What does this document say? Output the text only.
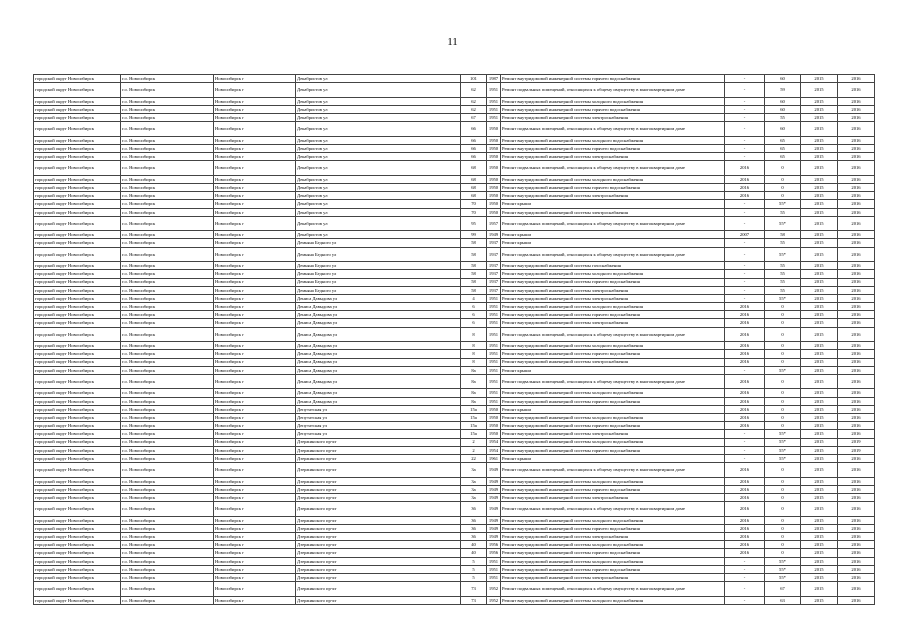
11
городской округ Новосибирск	г.о. Новосибирск	Новосибирск г	Декабристов ул	101	1987	Ремонт внутридомовой инженерной системы горячего водоснабжения	-	60	2015	2016
городской округ Новосибирск	г.о. Новосибирск	Новосибирск г	Декабристов ул	62	1951	Ремонт подвальных помещений, относящихся к общему имуществу в многоквартирном доме	-	59	2015	2016
городской округ Новосибирск	г.о. Новосибирск	Новосибирск г	Декабристов ул	62	1951	Ремонт внутридомовой инженерной системы холодного водоснабжения	-	60	2015	2016
городской округ Новосибирск	г.о. Новосибирск	Новосибирск г	Декабристов ул	62	1951	Ремонт внутридомовой инженерной системы горячего водоснабжения	-	60	2015	2016
городской округ Новосибирск	г.о. Новосибирск	Новосибирск г	Декабристов ул	67	1951	Ремонт внутридомовой инженерной системы электроснабжения	-	55	2015	2016
городской округ Новосибирск	г.о. Новосибирск	Новосибирск г	Декабристов ул	66	1950	Ремонт подвальных помещений, относящихся к общему имуществу в многоквартирном доме	-	60	2015	2016
городской округ Новосибирск	г.о. Новосибирск	Новосибирск г	Декабристов ул	66	1950	Ремонт внутридомовой инженерной системы холодного водоснабжения	-	65	2015	2016
городской округ Новосибирск	г.о. Новосибирск	Новосибирск г	Декабристов ул	66	1950	Ремонт внутридомовой инженерной системы горячего водоснабжения	-	65	2015	2016
городской округ Новосибирск	г.о. Новосибирск	Новосибирск г	Декабристов ул	66	1950	Ремонт внутридомовой инженерной системы электроснабжения	-	65	2015	2016
городской округ Новосибирск	г.о. Новосибирск	Новосибирск г	Декабристов ул	68	1950	Ремонт подвальных помещений, относящихся к общему имуществу в многоквартирном доме	2016	0	2015	2016
городской округ Новосибирск	г.о. Новосибирск	Новосибирск г	Декабристов ул	68	1950	Ремонт внутридомовой инженерной системы холодного водоснабжения	2016	0	2015	2016
городской округ Новосибирск	г.о. Новосибирск	Новосибирск г	Декабристов ул	68	1950	Ремонт внутридомовой инженерной системы горячего водоснабжения	2016	0	2015	2016
городской округ Новосибирск	г.о. Новосибирск	Новосибирск г	Декабристов ул	68	1950	Ремонт внутридомовой инженерной системы электроснабжения	2016	0	2015	2016
городской округ Новосибирск	г.о. Новосибирск	Новосибирск г	Декабристов ул	70	1950	Ремонт крыши	-	55*	2015	2016
городской округ Новосибирск	г.о. Новосибирск	Новосибирск г	Декабристов ул	70	1950	Ремонт внутридомовой инженерной системы электроснабжения	-	55	2015	2016
городской округ Новосибирск	г.о. Новосибирск	Новосибирск г	Декабристов ул	95	1957	Ремонт подвальных помещений, относящихся к общему имуществу в многоквартирном доме	-	55*	2015	2016
городской округ Новосибирск	г.о. Новосибирск	Новосибирск г	Декабристов ул	99	1949	Ремонт крыши	2007	58	2015	2016
городской округ Новосибирск	г.о. Новосибирск	Новосибирск г	Демьяна Бедного ул	58	1937	Ремонт крыши	-	55	2015	2016
городской округ Новосибирск	г.о. Новосибирск	Новосибирск г	Демьяна Бедного ул	58	1937	Ремонт подвальных помещений, относящихся к общему имуществу в многоквартирном доме	-	55*	2015	2016
городской округ Новосибирск	г.о. Новосибирск	Новосибирск г	Демьяна Бедного ул	58	1937	Ремонт внутридомовой инженерной системы газоснабжения	-	55	2015	2016
городской округ Новосибирск	г.о. Новосибирск	Новосибирск г	Демьяна Бедного ул	58	1937	Ремонт внутридомовой инженерной системы холодного водоснабжения	-	55	2015	2016
городской округ Новосибирск	г.о. Новосибирск	Новосибирск г	Демьяна Бедного ул	58	1937	Ремонт внутридомовой инженерной системы горячего водоснабжения	-	55	2015	2016
городской округ Новосибирск	г.о. Новосибирск	Новосибирск г	Демьяна Бедного ул	58	1937	Ремонт внутридомовой инженерной системы электроснабжения	-	55	2015	2016
городской округ Новосибирск	г.о. Новосибирск	Новосибирск г	Дениса Давыдова ул	4	1951	Ремонт внутридомовой инженерной системы электроснабжения	-	55*	2015	2016
городской округ Новосибирск	г.о. Новосибирск	Новосибирск г	Дениса Давыдова ул	6	1951	Ремонт внутридомовой инженерной системы холодного водоснабжения	2016	0	2015	2016
городской округ Новосибирск	г.о. Новосибирск	Новосибирск г	Дениса Давыдова ул	6	1951	Ремонт внутридомовой инженерной системы горячего водоснабжения	2016	0	2015	2016
городской округ Новосибирск	г.о. Новосибирск	Новосибирск г	Дениса Давыдова ул	6	1951	Ремонт внутридомовой инженерной системы электроснабжения	2016	0	2015	2016
городской округ Новосибирск	г.о. Новосибирск	Новосибирск г	Дениса Давыдова ул	8	1951	Ремонт подвальных помещений, относящихся к общему имуществу в многоквартирном доме	2016	0	2015	2016
городской округ Новосибирск	г.о. Новосибирск	Новосибирск г	Дениса Давыдова ул	8	1951	Ремонт внутридомовой инженерной системы холодного водоснабжения	2016	0	2015	2016
городской округ Новосибирск	г.о. Новосибирск	Новосибирск г	Дениса Давыдова ул	8	1951	Ремонт внутридомовой инженерной системы горячего водоснабжения	2016	0	2015	2016
городской округ Новосибирск	г.о. Новосибирск	Новосибирск г	Дениса Давыдова ул	8	1951	Ремонт внутридомовой инженерной системы электроснабжения	2016	0	2015	2016
городской округ Новосибирск	г.о. Новосибирск	Новосибирск г	Дениса Давыдова ул	8а	1951	Ремонт крыши	-	55*	2015	2016
городской округ Новосибирск	г.о. Новосибирск	Новосибирск г	Дениса Давыдова ул	8а	1951	Ремонт подвальных помещений, относящихся к общему имуществу в многоквартирном доме	2016	0	2015	2016
городской округ Новосибирск	г.о. Новосибирск	Новосибирск г	Дениса Давыдова ул	8а	1951	Ремонт внутридомовой инженерной системы холодного водоснабжения	2016	0	2015	2016
городской округ Новосибирск	г.о. Новосибирск	Новосибирск г	Дениса Давыдова ул	8а	1951	Ремонт внутридомовой инженерной системы горячего водоснабжения	2016	0	2015	2016
городской округ Новосибирск	г.о. Новосибирск	Новосибирск г	Депутатская ул	15а	1950	Ремонт крыши	2016	0	2015	2016
городской округ Новосибирск	г.о. Новосибирск	Новосибирск г	Депутатская ул	15а	1950	Ремонт внутридомовой инженерной системы холодного водоснабжения	2016	0	2015	2016
городской округ Новосибирск	г.о. Новосибирск	Новосибирск г	Депутатская ул	15а	1950	Ремонт внутридомовой инженерной системы горячего водоснабжения	2016	0	2015	2016
городской округ Новосибирск	г.о. Новосибирск	Новосибирск г	Депутатская ул	15а	1950	Ремонт внутридомовой инженерной системы электроснабжения	-	55*	2015	2016
городской округ Новосибирск	г.о. Новосибирск	Новосибирск г	Дзержинского пр-кт	2	1954	Ремонт внутридомовой инженерной системы холодного водоснабжения	-	55*	2015	2019
городской округ Новосибирск	г.о. Новосибирск	Новосибирск г	Дзержинского пр-кт	2	1954	Ремонт внутридомовой инженерной системы горячего водоснабжения	-	55*	2015	2019
городской округ Новосибирск	г.о. Новосибирск	Новосибирск г	Дзержинского пр-кт	22	1961	Ремонт крыши	-	55*	2015	2016
городской округ Новосибирск	г.о. Новосибирск	Новосибирск г	Дзержинского пр-кт	3а	1949	Ремонт подвальных помещений, относящихся к общему имуществу в многоквартирном доме	2016	0	2015	2016
городской округ Новосибирск	г.о. Новосибирск	Новосибирск г	Дзержинского пр-кт	3а	1949	Ремонт внутридомовой инженерной системы холодного водоснабжения	2016	0	2015	2016
городской округ Новосибирск	г.о. Новосибирск	Новосибирск г	Дзержинского пр-кт	3а	1949	Ремонт внутридомовой инженерной системы горячего водоснабжения	2016	0	2015	2016
городской округ Новосибирск	г.о. Новосибирск	Новосибирск г	Дзержинского пр-кт	3а	1949	Ремонт внутридомовой инженерной системы электроснабжения	2016	0	2015	2016
городской округ Новосибирск	г.о. Новосибирск	Новосибирск г	Дзержинского пр-кт	36	1949	Ремонт подвальных помещений, относящихся к общему имуществу в многоквартирном доме	2016	0	2015	2016
городской округ Новосибирск	г.о. Новосибирск	Новосибирск г	Дзержинского пр-кт	36	1949	Ремонт внутридомовой инженерной системы холодного водоснабжения	2016	0	2015	2016
городской округ Новосибирск	г.о. Новосибирск	Новосибирск г	Дзержинского пр-кт	36	1949	Ремонт внутридомовой инженерной системы горячего водоснабжения	2016	0	2015	2016
городской округ Новосибирск	г.о. Новосибирск	Новосибирск г	Дзержинского пр-кт	36	1949	Ремонт внутридомовой инженерной системы электроснабжения	2016	0	2015	2016
городской округ Новосибирск	г.о. Новосибирск	Новосибирск г	Дзержинского пр-кт	40	1956	Ремонт внутридомовой инженерной системы холодного водоснабжения	2016	0	2015	2016
городской округ Новосибирск	г.о. Новосибирск	Новосибирск г	Дзержинского пр-кт	40	1956	Ремонт внутридомовой инженерной системы горячего водоснабжения	2016	0	2015	2016
городской округ Новосибирск	г.о. Новосибирск	Новосибирск г	Дзержинского пр-кт	5	1951	Ремонт внутридомовой инженерной системы холодного водоснабжения	-	55*	2015	2016
городской округ Новосибирск	г.о. Новосибирск	Новосибирск г	Дзержинского пр-кт	5	1951	Ремонт внутридомовой инженерной системы горячего водоснабжения	-	55*	2015	2016
городской округ Новосибирск	г.о. Новосибирск	Новосибирск г	Дзержинского пр-кт	5	1951	Ремонт внутридомовой инженерной системы электроснабжения	-	55*	2015	2016
городской округ Новосибирск	г.о. Новосибирск	Новосибирск г	Дзержинского пр-кт	73	1952	Ремонт подвальных помещений, относящихся к общему имуществу в многоквартирном доме	-	67	2015	2016
городской округ Новосибирск	г.о. Новосибирск	Новосибирск г	Дзержинского пр-кт	73	1952	Ремонт внутридомовой инженерной системы холодного водоснабжения	-	63	2015	2016
